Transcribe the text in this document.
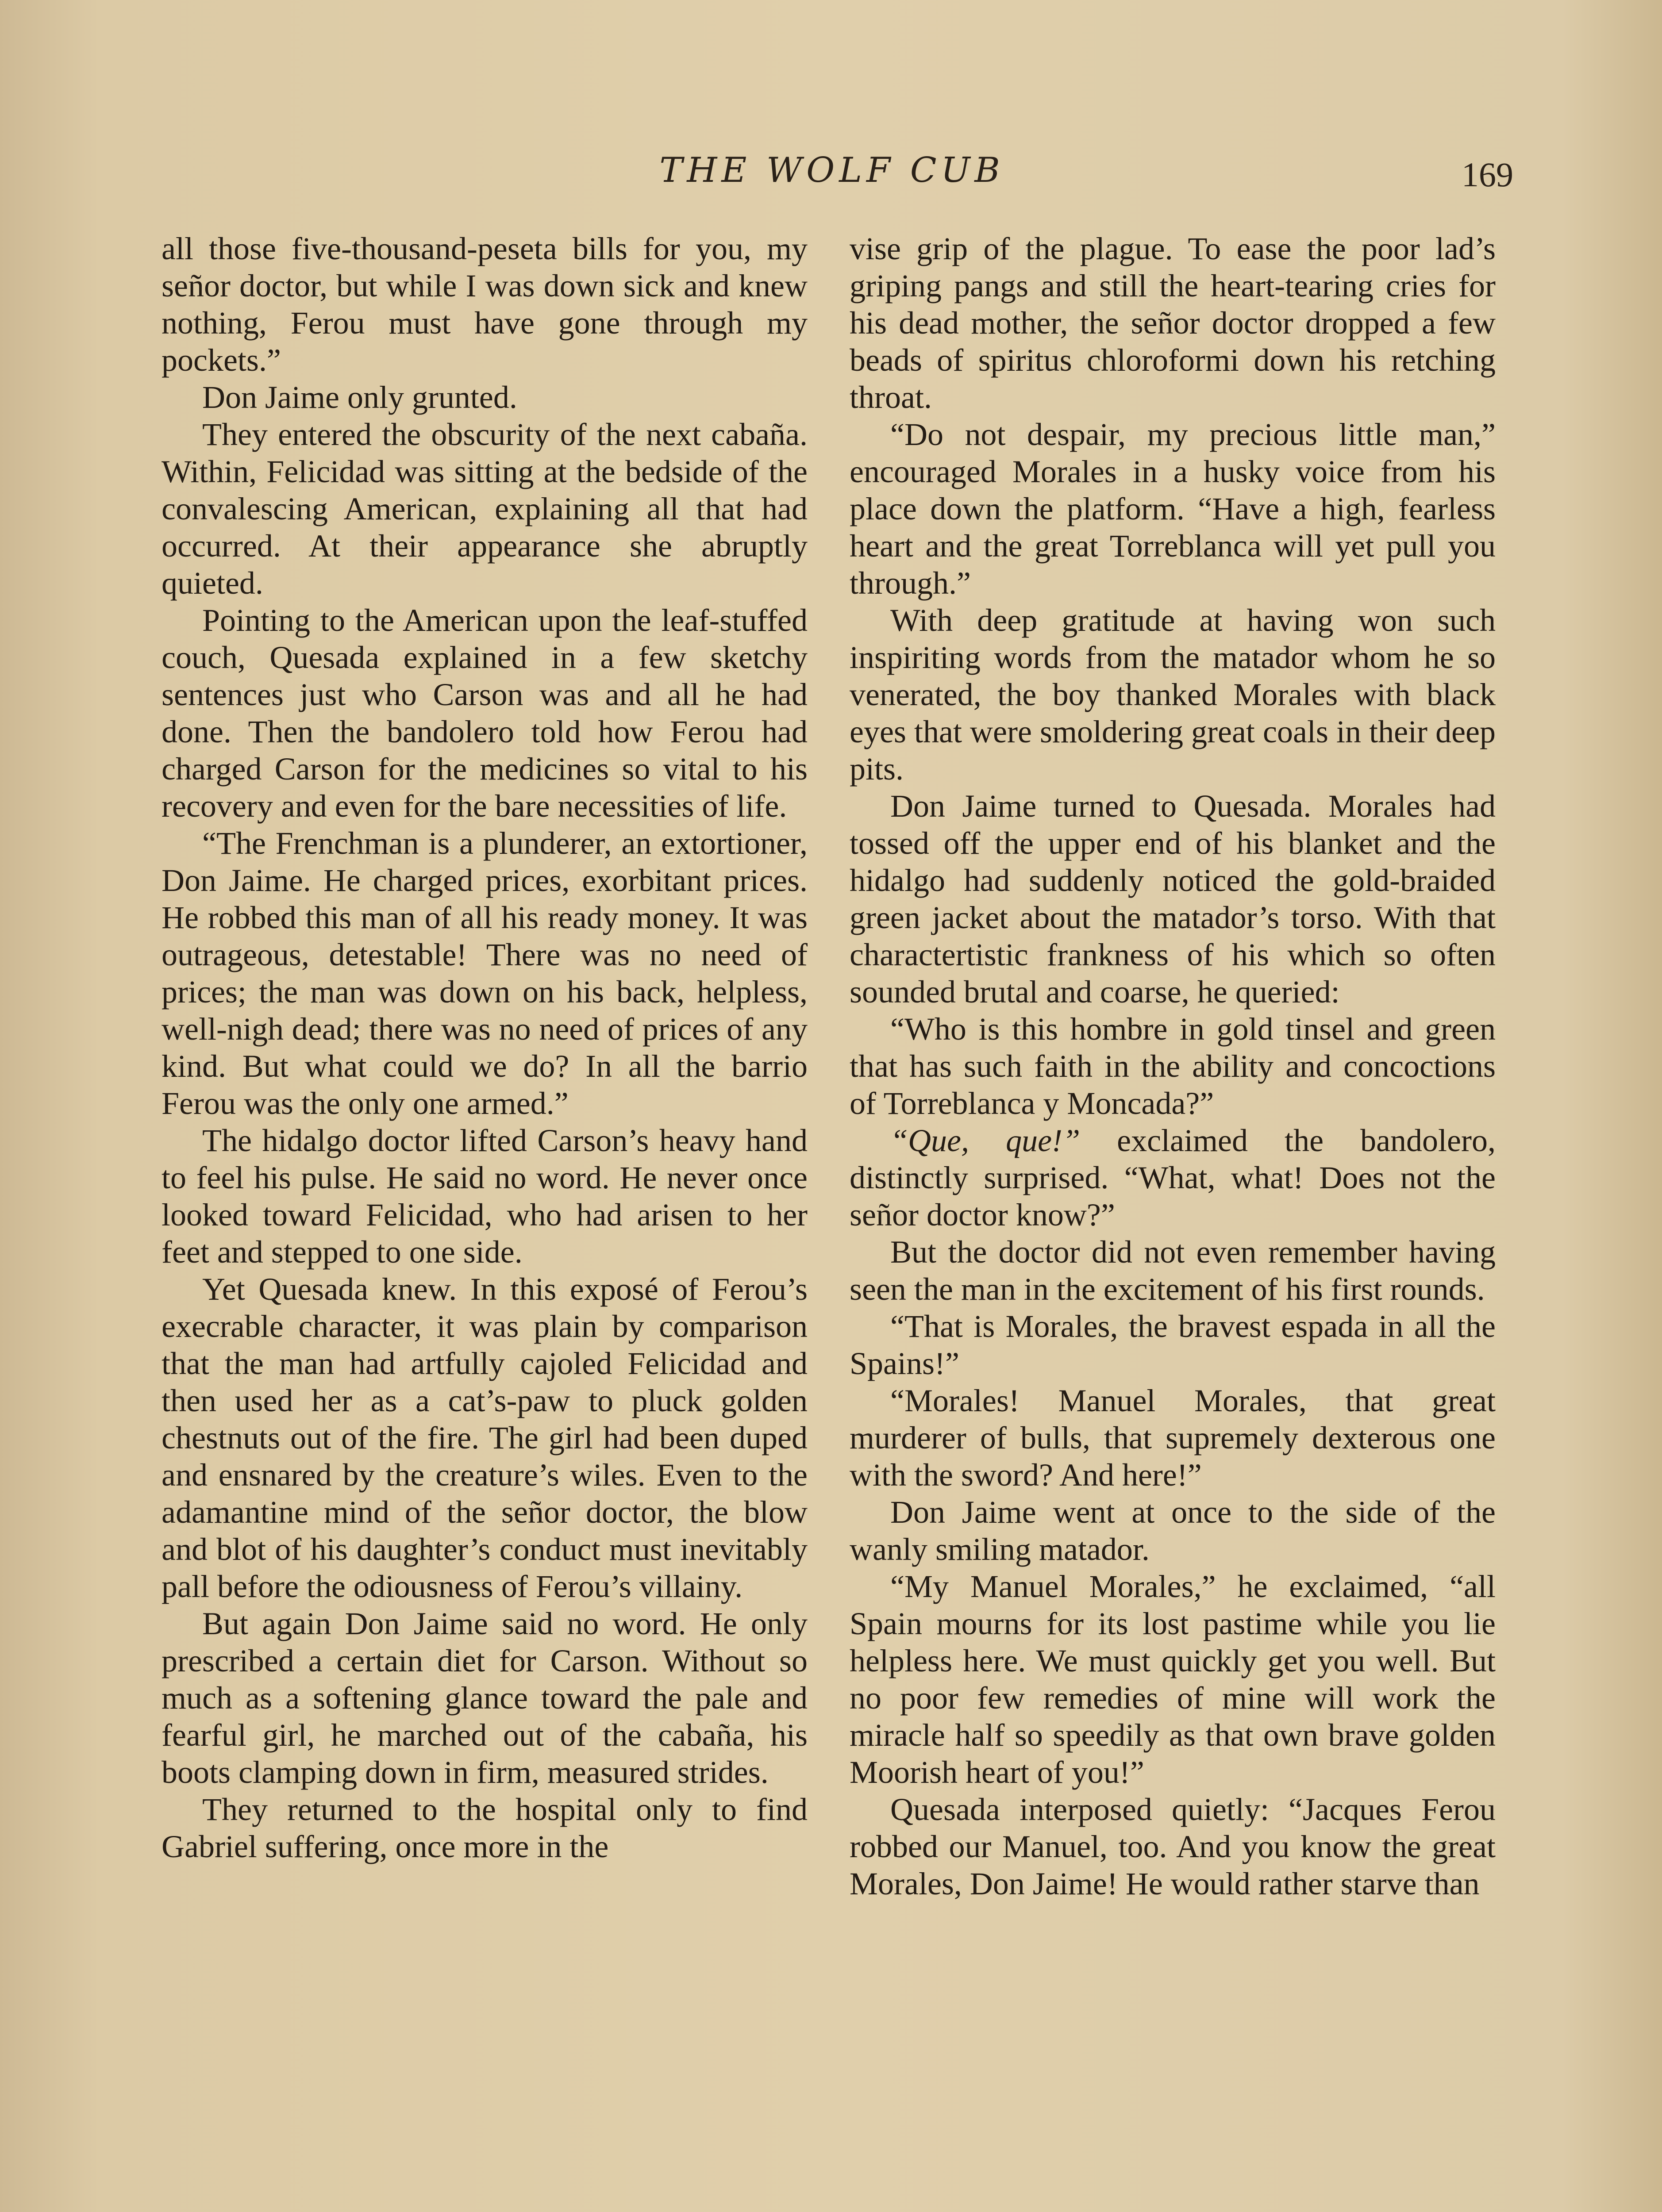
THE WOLF CUB	169

all those five-thousand-peseta bills for you, my señor doctor, but while I was down sick and knew nothing, Ferou must have gone through my pockets.”

Don Jaime only grunted.

They entered the obscurity of the next cabaña. Within, Felicidad was sitting at the bedside of the convalescing American, explaining all that had occurred. At their appearance she abruptly quieted.

Pointing to the American upon the leaf-stuffed couch, Quesada explained in a few sketchy sentences just who Carson was and all he had done. Then the bandolero told how Ferou had charged Carson for the medicines so vital to his recovery and even for the bare necessities of life.

“The Frenchman is a plunderer, an extortioner, Don Jaime. He charged prices, exorbitant prices. He robbed this man of all his ready money. It was outrageous, detestable! There was no need of prices; the man was down on his back, helpless, well-nigh dead; there was no need of prices of any kind. But what could we do? In all the barrio Ferou was the only one armed.”

The hidalgo doctor lifted Carson’s heavy hand to feel his pulse. He said no word. He never once looked toward Felicidad, who had arisen to her feet and stepped to one side.

Yet Quesada knew. In this exposé of Ferou’s execrable character, it was plain by comparison that the man had artfully cajoled Felicidad and then used her as a cat’s-paw to pluck golden chestnuts out of the fire. The girl had been duped and ensnared by the creature’s wiles. Even to the adamantine mind of the señor doctor, the blow and blot of his daughter’s conduct must inevitably pall before the odiousness of Ferou’s villainy.

But again Don Jaime said no word. He only prescribed a certain diet for Carson. Without so much as a softening glance toward the pale and fearful girl, he marched out of the cabaña, his boots clamping down in firm, measured strides.

They returned to the hospital only to find Gabriel suffering, once more in the

vise grip of the plague. To ease the poor lad’s griping pangs and still the heart-tearing cries for his dead mother, the señor doctor dropped a few beads of spiritus chloroformi down his retching throat.

“Do not despair, my precious little man,” encouraged Morales in a husky voice from his place down the platform. “Have a high, fearless heart and the great Torreblanca will yet pull you through.”

With deep gratitude at having won such inspiriting words from the matador whom he so venerated, the boy thanked Morales with black eyes that were smoldering great coals in their deep pits.

Don Jaime turned to Quesada. Morales had tossed off the upper end of his blanket and the hidalgo had suddenly noticed the gold-braided green jacket about the matador’s torso. With that charactertistic frankness of his which so often sounded brutal and coarse, he queried:

“Who is this hombre in gold tinsel and green that has such faith in the ability and concoctions of Torreblanca y Moncada?”

“Que, que!” exclaimed the bandolero, distinctly surprised. “What, what! Does not the señor doctor know?”

But the doctor did not even remember having seen the man in the excitement of his first rounds.

“That is Morales, the bravest espada in all the Spains!”

“Morales! Manuel Morales, that great murderer of bulls, that supremely dexterous one with the sword? And here!”

Don Jaime went at once to the side of the wanly smiling matador.

“My Manuel Morales,” he exclaimed, “all Spain mourns for its lost pastime while you lie helpless here. We must quickly get you well. But no poor few remedies of mine will work the miracle half so speedily as that own brave golden Moorish heart of you!”

Quesada interposed quietly: “Jacques Ferou robbed our Manuel, too. And you know the great Morales, Don Jaime! He would rather starve than
